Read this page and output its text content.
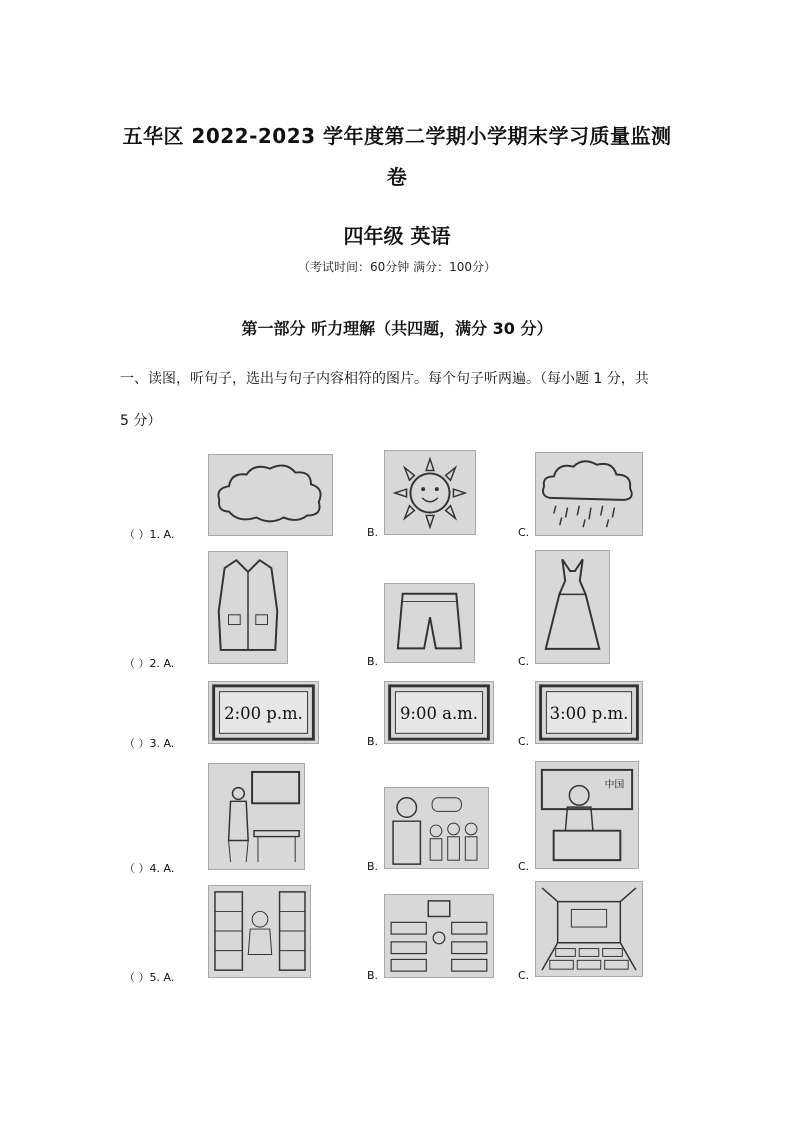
五华区 2022-2023 学年度第二学期小学期末学习质量监测
卷
四年级 英语
（考试时间：60分钟 满分：100分）
第一部分 听力理解（共四题，满分 30 分）
一、读图，听句子，选出与句子内容相符的图片。每个句子听两遍。（每小题 1 分，共
5 分）
（ ）1. A.	B.	C.
（ ）2. A.	B.	C.
（ ）3. A.	B.	C.
2:00 p.m.	9:00 a.m.	3:00 p.m.
（ ）4. A.	B.	C.
中国
（ ）5. A.	B.	C.
